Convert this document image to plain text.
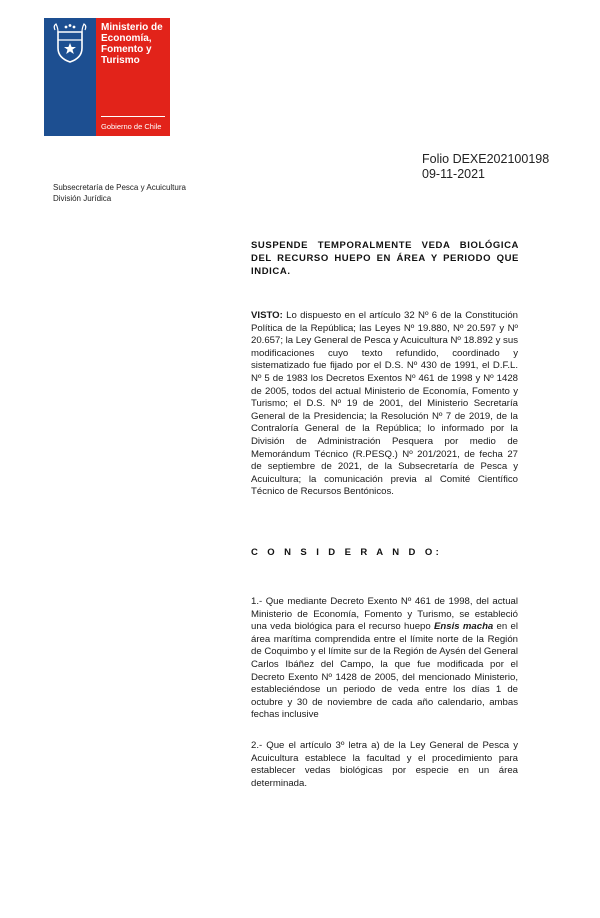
Ministerio de
Economía,
Fomento y
Turismo
Gobierno de Chile
Folio DEXE202100198
09-11-2021
Subsecretaría de Pesca y Acuicultura
División Jurídica
SUSPENDE TEMPORALMENTE VEDA BIOLÓGICA DEL RECURSO HUEPO EN ÁREA Y PERIODO QUE INDICA.
VISTO: Lo dispuesto en el artículo 32 Nº 6 de la Constitución Política de la República; las Leyes Nº 19.880, Nº 20.597 y Nº 20.657; la Ley General de Pesca y Acuicultura Nº 18.892 y sus modificaciones cuyo texto refundido, coordinado y sistematizado fue fijado por el D.S. Nº 430 de 1991, el D.F.L. Nº 5 de 1983 los Decretos Exentos Nº 461 de 1998 y Nº 1428 de 2005, todos del actual Ministerio de Economía, Fomento y Turismo; el D.S. Nº 19 de 2001, del Ministerio Secretaría General de la Presidencia; la Resolución Nº 7 de 2019, de la Contraloría General de la República; lo informado por la División de Administración Pesquera por medio de Memorándum Técnico (R.PESQ.) Nº 201/2021, de fecha 27 de septiembre de 2021, de la Subsecretaría de Pesca y Acuicultura; la comunicación previa al Comité Científico Técnico de Recursos Bentónicos.
C O N S I D E R A N D O:
1.- Que mediante Decreto Exento Nº 461 de 1998, del actual Ministerio de Economía, Fomento y Turismo, se estableció una veda biológica para el recurso huepo Ensis macha en el área marítima comprendida entre el límite norte de la Región de Coquimbo y el límite sur de la Región de Aysén del General Carlos Ibáñez del Campo, la que fue modificada por el Decreto Exento Nº 1428 de 2005, del mencionado Ministerio, estableciéndose un periodo de veda entre los días 1 de octubre y 30 de noviembre de cada año calendario, ambas fechas inclusive
2.- Que el artículo 3º letra a) de la Ley General de Pesca y Acuicultura establece la facultad y el procedimiento para establecer vedas biológicas por especie en un área determinada.
